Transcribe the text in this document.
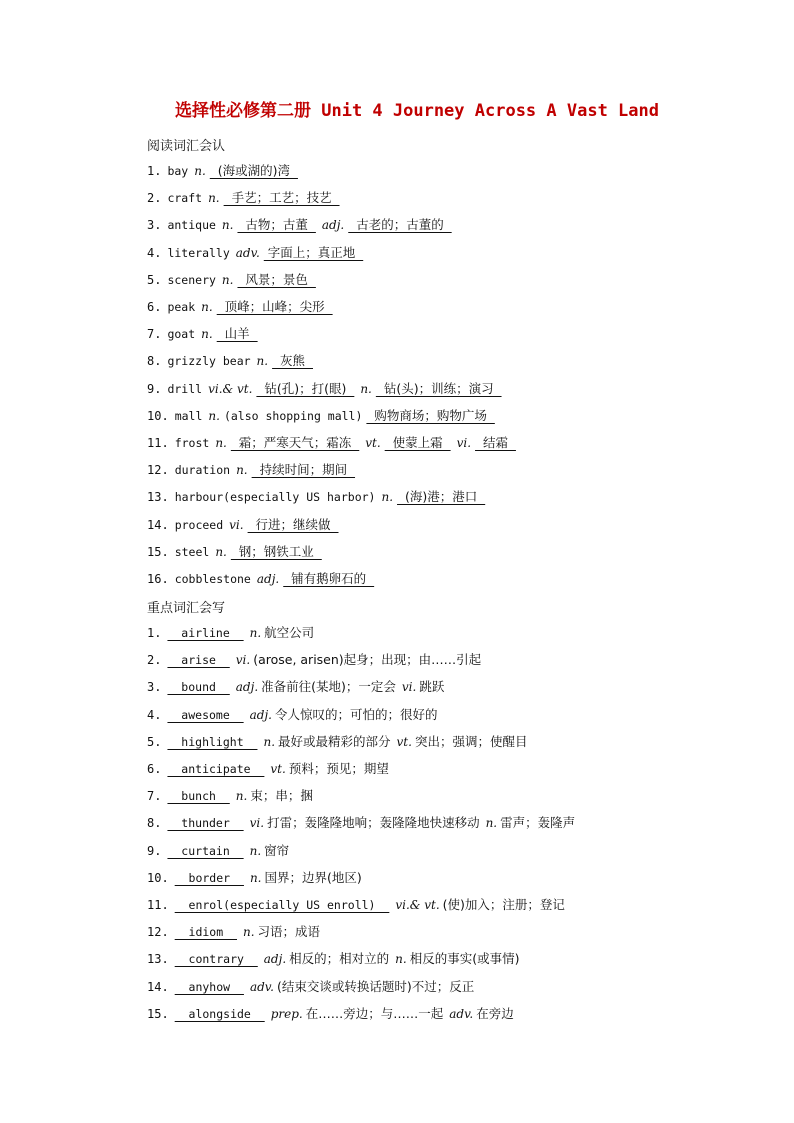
选择性必修第二册 Unit 4 Journey Across A Vast Land
阅读词汇会认
1. bay n.  (海或湖的)湾
2. craft n.  手艺；工艺；技艺
3. antique n.  古物；古董  adj.  古老的；古董的
4. literally adv. 字面上；真正地
5. scenery n.  风景；景色
6. peak n.  顶峰；山峰；尖形
7. goat n.  山羊
8. grizzly bear n.  灰熊
9. drill vi.& vt.  钻(孔)；打(眼)  n.  钻(头)；训练；演习
10. mall n. (also shopping mall)  购物商场；购物广场
11. frost n.  霜；严寒天气；霜冻  vt.  使蒙上霜  vi.  结霜
12. duration n.  持续时间；期间
13. harbour(especially US harbor) n.  (海)港；港口
14. proceed vi.  行进；继续做
15. steel n.  钢；钢铁工业
16. cobblestone adj.  铺有鹅卵石的
重点词汇会写
1.  airline  n. 航空公司
2.  arise  vi. (arose, arisen)起身；出现；由……引起
3.  bound  adj. 准备前往(某地)；一定会 vi. 跳跃
4.  awesome  adj. 令人惊叹的；可怕的；很好的
5.  highlight  n. 最好或最精彩的部分 vt. 突出；强调；使醒目
6.  anticipate  vt. 预料；预见；期望
7.  bunch  n. 束；串；捆
8.  thunder  vi. 打雷；轰隆隆地响；轰隆隆地快速移动 n. 雷声；轰隆声
9.  curtain  n. 窗帘
10.  border  n. 国界；边界(地区)
11.  enrol(especially US enroll)  vi.& vt. (使)加入；注册；登记
12.  idiom  n. 习语；成语
13.  contrary  adj. 相反的；相对立的 n. 相反的事实(或事情)
14.  anyhow  adv. (结束交谈或转换话题时)不过；反正
15.  alongside  prep. 在……旁边；与……一起 adv. 在旁边
